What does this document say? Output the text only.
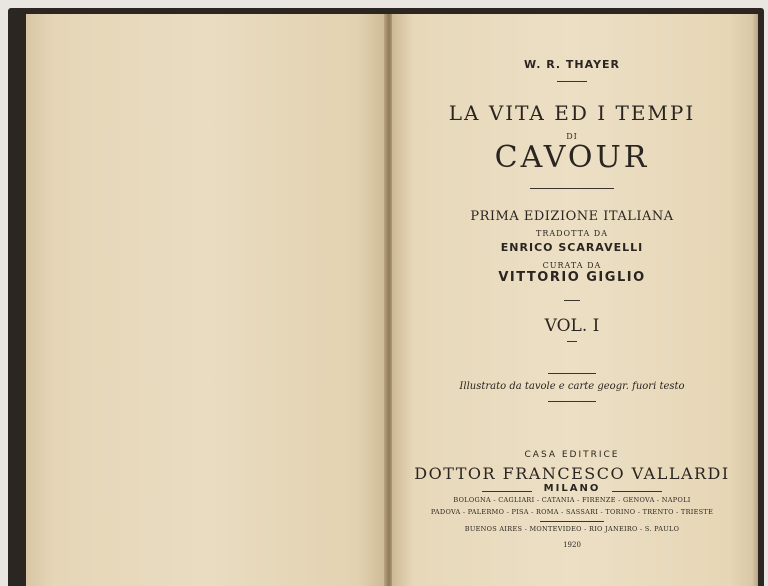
W. R. THAYER
LA VITA ED I TEMPI
DI
CAVOUR
PRIMA EDIZIONE ITALIANA
TRADOTTA DA
ENRICO SCARAVELLI
CURATA DA
VITTORIO GIGLIO
VOL. I
Illustrato da tavole e carte geogr. fuori testo
CASA EDITRICE
DOTTOR FRANCESCO VALLARDI
MILANO
BOLOGNA - CAGLIARI - CATANIA - FIRENZE - GENOVA - NAPOLI
PADOVA - PALERMO - PISA - ROMA - SASSARI - TORINO - TRENTO - TRIESTE
BUENOS AIRES - MONTEVIDEO - RIO JANEIRO - S. PAULO
1920
